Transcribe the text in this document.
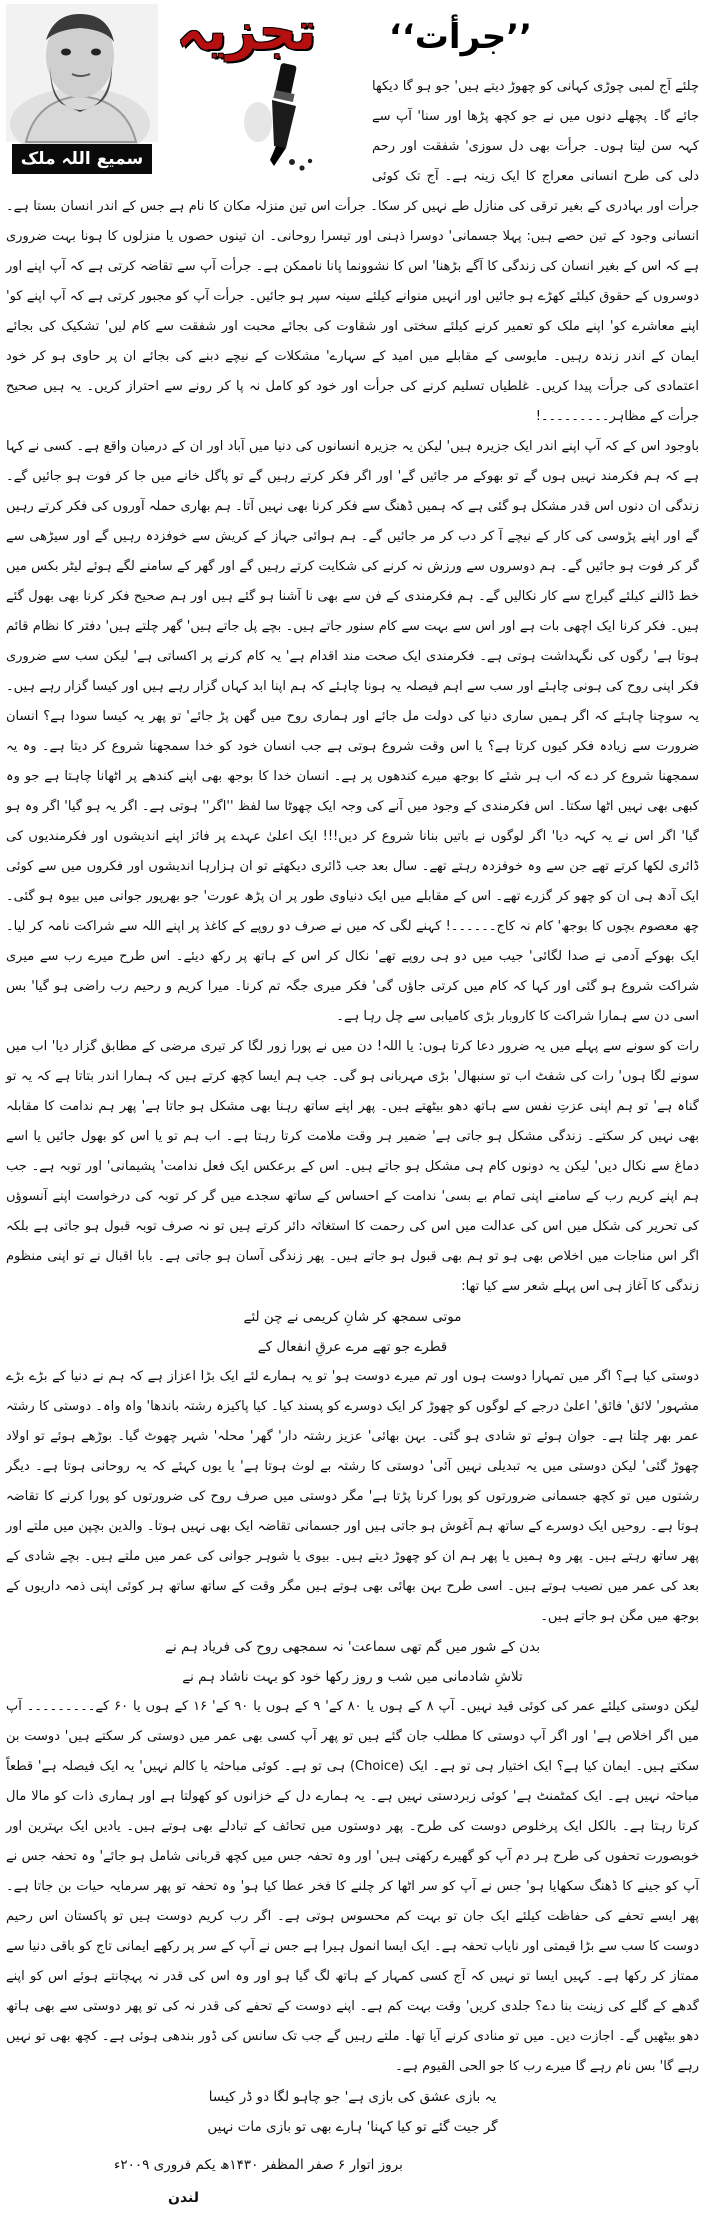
تجزیہ
سمیع اللہ ملک
’’جرأت‘‘

چلئے آج لمبی چوڑی کہانی کو چھوڑ دیتے ہیں' جو ہو گا دیکھا جائے گا۔ پچھلے دنوں میں نے جو کچھ پڑھا اور سنا' آپ سے کہہ سن لیتا ہوں۔ جرأت بھی دل سوزی' شفقت اور رحم دلی کی طرح انسانی معراج کا ایک زینہ ہے۔ آج تک کوئی جرأت اور بہادری کے بغیر ترقی کی منازل طے نہیں کر سکا۔ جرأت اس تین منزلہ مکان کا نام ہے جس کے اندر انسان بستا ہے۔ انسانی وجود کے تین حصے ہیں: پہلا جسمانی' دوسرا ذہنی اور تیسرا روحانی۔ ان تینوں حصوں یا منزلوں کا ہونا بہت ضروری ہے کہ اس کے بغیر انسان کی زندگی کا آگے بڑھنا' اس کا نشوونما پانا ناممکن ہے۔ جرأت آپ سے تقاضہ کرتی ہے کہ آپ اپنے اور دوسروں کے حقوق کیلئے کھڑے ہو جائیں اور انہیں منوانے کیلئے سینہ سپر ہو جائیں۔ جرأت آپ کو مجبور کرتی ہے کہ آپ اپنے کو' اپنے معاشرے کو' اپنے ملک کو تعمیر کرنے کیلئے سختی اور شقاوت کی بجائے محبت اور شفقت سے کام لیں' تشکیک کی بجائے ایمان کے اندر زندہ رہیں۔ مایوسی کے مقابلے میں امید کے سہارے' مشکلات کے نیچے دبنے کی بجائے ان پر حاوی ہو کر خود اعتمادی کی جرأت پیدا کریں۔ غلطیاں تسلیم کرنے کی جرأت اور خود کو کامل نہ پا کر رونے سے احتراز کریں۔ یہ ہیں صحیح جرأت کے مظاہر۔۔۔۔۔۔۔۔۔!

باوجود اس کے کہ آپ اپنے اندر ایک جزیرہ ہیں' لیکن یہ جزیرہ انسانوں کی دنیا میں آباد اور ان کے درمیان واقع ہے۔ کسی نے کہا ہے کہ ہم فکرمند نہیں ہوں گے تو بھوکے مر جائیں گے' اور اگر فکر کرتے رہیں گے تو پاگل خانے میں جا کر فوت ہو جائیں گے۔ زندگی ان دنوں اس قدر مشکل ہو گئی ہے کہ ہمیں ڈھنگ سے فکر کرنا بھی نہیں آتا۔ ہم بھاری حملہ آوروں کی فکر کرتے رہیں گے اور اپنے پڑوسی کی کار کے نیچے آ کر دب کر مر جائیں گے۔ ہم ہوائی جہاز کے کریش سے خوفزدہ رہیں گے اور سیڑھی سے گر کر فوت ہو جائیں گے۔ ہم دوسروں سے ورزش نہ کرنے کی شکایت کرتے رہیں گے اور گھر کے سامنے لگے ہوئے لیٹر بکس میں خط ڈالنے کیلئے گیراج سے کار نکالیں گے۔ ہم فکرمندی کے فن سے بھی نا آشنا ہو گئے ہیں اور ہم صحیح فکر کرنا بھی بھول گئے ہیں۔ فکر کرنا ایک اچھی بات ہے اور اس سے بہت سے کام سنور جاتے ہیں۔ بچے پل جاتے ہیں' گھر چلتے ہیں' دفتر کا نظام قائم ہوتا ہے' رگوں کی نگہداشت ہوتی ہے۔ فکرمندی ایک صحت مند اقدام ہے' یہ کام کرنے پر اکساتی ہے' لیکن سب سے ضروری فکر اپنی روح کی ہونی چاہئے اور سب سے اہم فیصلہ یہ ہونا چاہئے کہ ہم اپنا ابد کہاں گزار رہے ہیں اور کیسا گزار رہے ہیں۔ یہ سوچنا چاہئے کہ اگر ہمیں ساری دنیا کی دولت مل جائے اور ہماری روح میں گھن پڑ جائے' تو پھر یہ کیسا سودا ہے؟ انسان ضرورت سے زیادہ فکر کیوں کرتا ہے؟ یا اس وقت شروع ہوتی ہے جب انسان خود کو خدا سمجھنا شروع کر دیتا ہے۔ وہ یہ سمجھنا شروع کر دے کہ اب ہر شئے کا بوجھ میرے کندھوں پر ہے۔ انسان خدا کا بوجھ بھی اپنے کندھے پر اٹھانا چاہتا ہے جو وہ کبھی بھی نہیں اٹھا سکتا۔ اس فکرمندی کے وجود میں آنے کی وجہ ایک چھوٹا سا لفظ ''اگر'' ہوتی ہے۔ اگر یہ ہو گیا' اگر وہ ہو گیا' اگر اس نے یہ کہہ دیا' اگر لوگوں نے باتیں بنانا شروع کر دیں!!! ایک اعلیٰ عہدے پر فائز اپنے اندیشوں اور فکرمندیوں کی ڈائری لکھا کرتے تھے جن سے وہ خوفزدہ رہتے تھے۔ سال بعد جب ڈائری دیکھتے تو ان ہزارہا اندیشوں اور فکروں میں سے کوئی ایک آدھ ہی ان کو چھو کر گزرے تھے۔ اس کے مقابلے میں ایک دنیاوی طور پر ان پڑھ عورت' جو بھرپور جوانی میں بیوہ ہو گئی۔ چھ معصوم بچوں کا بوجھ' کام نہ کاج۔۔۔۔۔۔! کہنے لگی کہ میں نے صرف دو روپے کے کاغذ پر اپنے اللہ سے شراکت نامہ کر لیا۔ ایک بھوکے آدمی نے صدا لگائی' جیب میں دو ہی روپے تھے' نکال کر اس کے ہاتھ پر رکھ دیئے۔ اس طرح میرے رب سے میری شراکت شروع ہو گئی اور کہا کہ کام میں کرتی جاؤں گی' فکر میری جگہ تم کرنا۔ میرا کریم و رحیم رب راضی ہو گیا' بس اسی دن سے ہمارا شراکت کا کاروبار بڑی کامیابی سے چل رہا ہے۔

رات کو سونے سے پہلے میں یہ ضرور دعا کرتا ہوں: یا اللہ! دن میں نے پورا زور لگا کر تیری مرضی کے مطابق گزار دیا' اب میں سونے لگا ہوں' رات کی شفٹ اب تو سنبھال' بڑی مہربانی ہو گی۔ جب ہم ایسا کچھ کرتے ہیں کہ ہمارا اندر بتاتا ہے کہ یہ تو گناہ ہے' تو ہم اپنی عزتِ نفس سے ہاتھ دھو بیٹھتے ہیں۔ پھر اپنے ساتھ رہنا بھی مشکل ہو جاتا ہے' پھر ہم ندامت کا مقابلہ بھی نہیں کر سکتے۔ زندگی مشکل ہو جاتی ہے' ضمیر ہر وقت ملامت کرتا رہتا ہے۔ اب ہم تو یا اس کو بھول جائیں یا اسے دماغ سے نکال دیں' لیکن یہ دونوں کام ہی مشکل ہو جاتے ہیں۔ اس کے برعکس ایک فعل ندامت' پشیمانی' اور توبہ ہے۔ جب ہم اپنے کریم رب کے سامنے اپنی تمام بے بسی' ندامت کے احساس کے ساتھ سجدے میں گر کر توبہ کی درخواست اپنے آنسوؤں کی تحریر کی شکل میں اس کی عدالت میں اس کی رحمت کا استغاثہ دائر کرتے ہیں تو نہ صرف توبہ قبول ہو جاتی ہے بلکہ اگر اس مناجات میں اخلاص بھی ہو تو ہم بھی قبول ہو جاتے ہیں۔ پھر زندگی آسان ہو جاتی ہے۔ بابا اقبال نے تو اپنی منظوم زندگی کا آغاز ہی اس پہلے شعر سے کیا تھا:

موتی سمجھ کر شانِ کریمی نے چن لئے
قطرے جو تھے مرے عرقِ انفعال کے

دوستی کیا ہے؟ اگر میں تمہارا دوست ہوں اور تم میرے دوست ہو' تو یہ ہمارے لئے ایک بڑا اعزاز ہے کہ ہم نے دنیا کے بڑے بڑے مشہور' لائق' فائق' اعلیٰ درجے کے لوگوں کو چھوڑ کر ایک دوسرے کو پسند کیا۔ کیا پاکیزہ رشتہ باندھا' واہ واہ۔ دوستی کا رشتہ عمر بھر چلتا ہے۔ جوان ہوئے تو شادی ہو گئی۔ بہن بھائی' عزیز رشتہ دار' گھر' محلہ' شہر چھوٹ گیا۔ بوڑھے ہوئے تو اولاد چھوڑ گئی' لیکن دوستی میں یہ تبدیلی نہیں آئی' دوستی کا رشتہ بے لوث ہوتا ہے' یا یوں کہئے کہ یہ روحانی ہوتا ہے۔ دیگر رشتوں میں تو کچھ جسمانی ضرورتوں کو پورا کرنا پڑتا ہے' مگر دوستی میں صرف روح کی ضرورتوں کو پورا کرنے کا تقاضہ ہوتا ہے۔ روحیں ایک دوسرے کے ساتھ ہم آغوش ہو جاتی ہیں اور جسمانی تقاضہ ایک بھی نہیں ہوتا۔ والدین بچپن میں ملتے اور پھر ساتھ رہتے ہیں۔ پھر وہ ہمیں یا پھر ہم ان کو چھوڑ دیتے ہیں۔ بیوی یا شوہر جوانی کی عمر میں ملتے ہیں۔ بچے شادی کے بعد کی عمر میں نصیب ہوتے ہیں۔ اسی طرح بہن بھائی بھی ہوتے ہیں مگر وقت کے ساتھ ساتھ ہر کوئی اپنی ذمہ داریوں کے بوجھ میں مگن ہو جاتے ہیں۔

بدن کے شور میں گم تھی سماعت' نہ سمجھی روح کی فریاد ہم نے
تلاشِ شادمانی میں شب و روز رکھا خود کو بہت ناشاد ہم نے

لیکن دوستی کیلئے عمر کی کوئی قید نہیں۔ آپ ۸ کے ہوں یا ۸۰ کے' ۹ کے ہوں یا ۹۰ کے' ۱۶ کے ہوں یا ۶۰ کے۔۔۔۔۔۔۔۔۔ آپ میں اگر اخلاص ہے' اور اگر آپ دوستی کا مطلب جان گئے ہیں تو پھر آپ کسی بھی عمر میں دوستی کر سکتے ہیں' دوست بن سکتے ہیں۔ ایمان کیا ہے؟ ایک اختیار ہی تو ہے۔ ایک (Choice) ہی تو ہے۔ کوئی مباحثہ یا کالم نہیں' یہ ایک فیصلہ ہے' قطعاً مباحثہ نہیں ہے۔ ایک کمٹمنٹ ہے' کوئی زبردستی نہیں ہے۔ یہ ہمارے دل کے خزانوں کو کھولتا ہے اور ہماری ذات کو مالا مال کرتا رہتا ہے۔ بالکل ایک پرخلوص دوست کی طرح۔ پھر دوستوں میں تحائف کے تبادلے بھی ہوتے ہیں۔ یادیں ایک بہترین اور خوبصورت تحفوں کی طرح ہر دم آپ کو گھیرے رکھتی ہیں' اور وہ تحفہ جس میں کچھ قربانی شامل ہو جائے' وہ تحفہ جس نے آپ کو جینے کا ڈھنگ سکھایا ہو' جس نے آپ کو سر اٹھا کر چلنے کا فخر عطا کیا ہو' وہ تحفہ تو پھر سرمایہ حیات بن جاتا ہے۔ پھر ایسے تحفے کی حفاظت کیلئے ایک جان تو بہت کم محسوس ہوتی ہے۔ اگر رب کریم دوست ہیں تو پاکستان اس رحیم دوست کا سب سے بڑا قیمتی اور نایاب تحفہ ہے۔ ایک ایسا انمول ہیرا ہے جس نے آپ کے سر پر رکھے ایمانی تاج کو باقی دنیا سے ممتاز کر رکھا ہے۔ کہیں ایسا تو نہیں کہ آج کسی کمہار کے ہاتھ لگ گیا ہو اور وہ اس کی قدر نہ پہچانتے ہوئے اس کو اپنے گدھے کے گلے کی زینت بنا دے؟ جلدی کریں' وقت بہت کم ہے۔ اپنے دوست کے تحفے کی قدر نہ کی تو پھر دوستی سے بھی ہاتھ دھو بیٹھیں گے۔ اجازت دیں۔ میں تو منادی کرنے آیا تھا۔ ملتے رہیں گے جب تک سانس کی ڈور بندھی ہوئی ہے۔ کچھ بھی تو نہیں رہے گا' بس نام رہے گا میرے رب کا جو الحی القیوم ہے۔

یہ بازی عشق کی بازی ہے' جو چاہو لگا دو ڈر کیسا
گر جیت گئے تو کیا کہنا' ہارے بھی تو بازی مات نہیں
بروز اتوار ۶ صفر المظفر ۱۴۳۰ھ یکم فروری ۲۰۰۹ء
لندن
